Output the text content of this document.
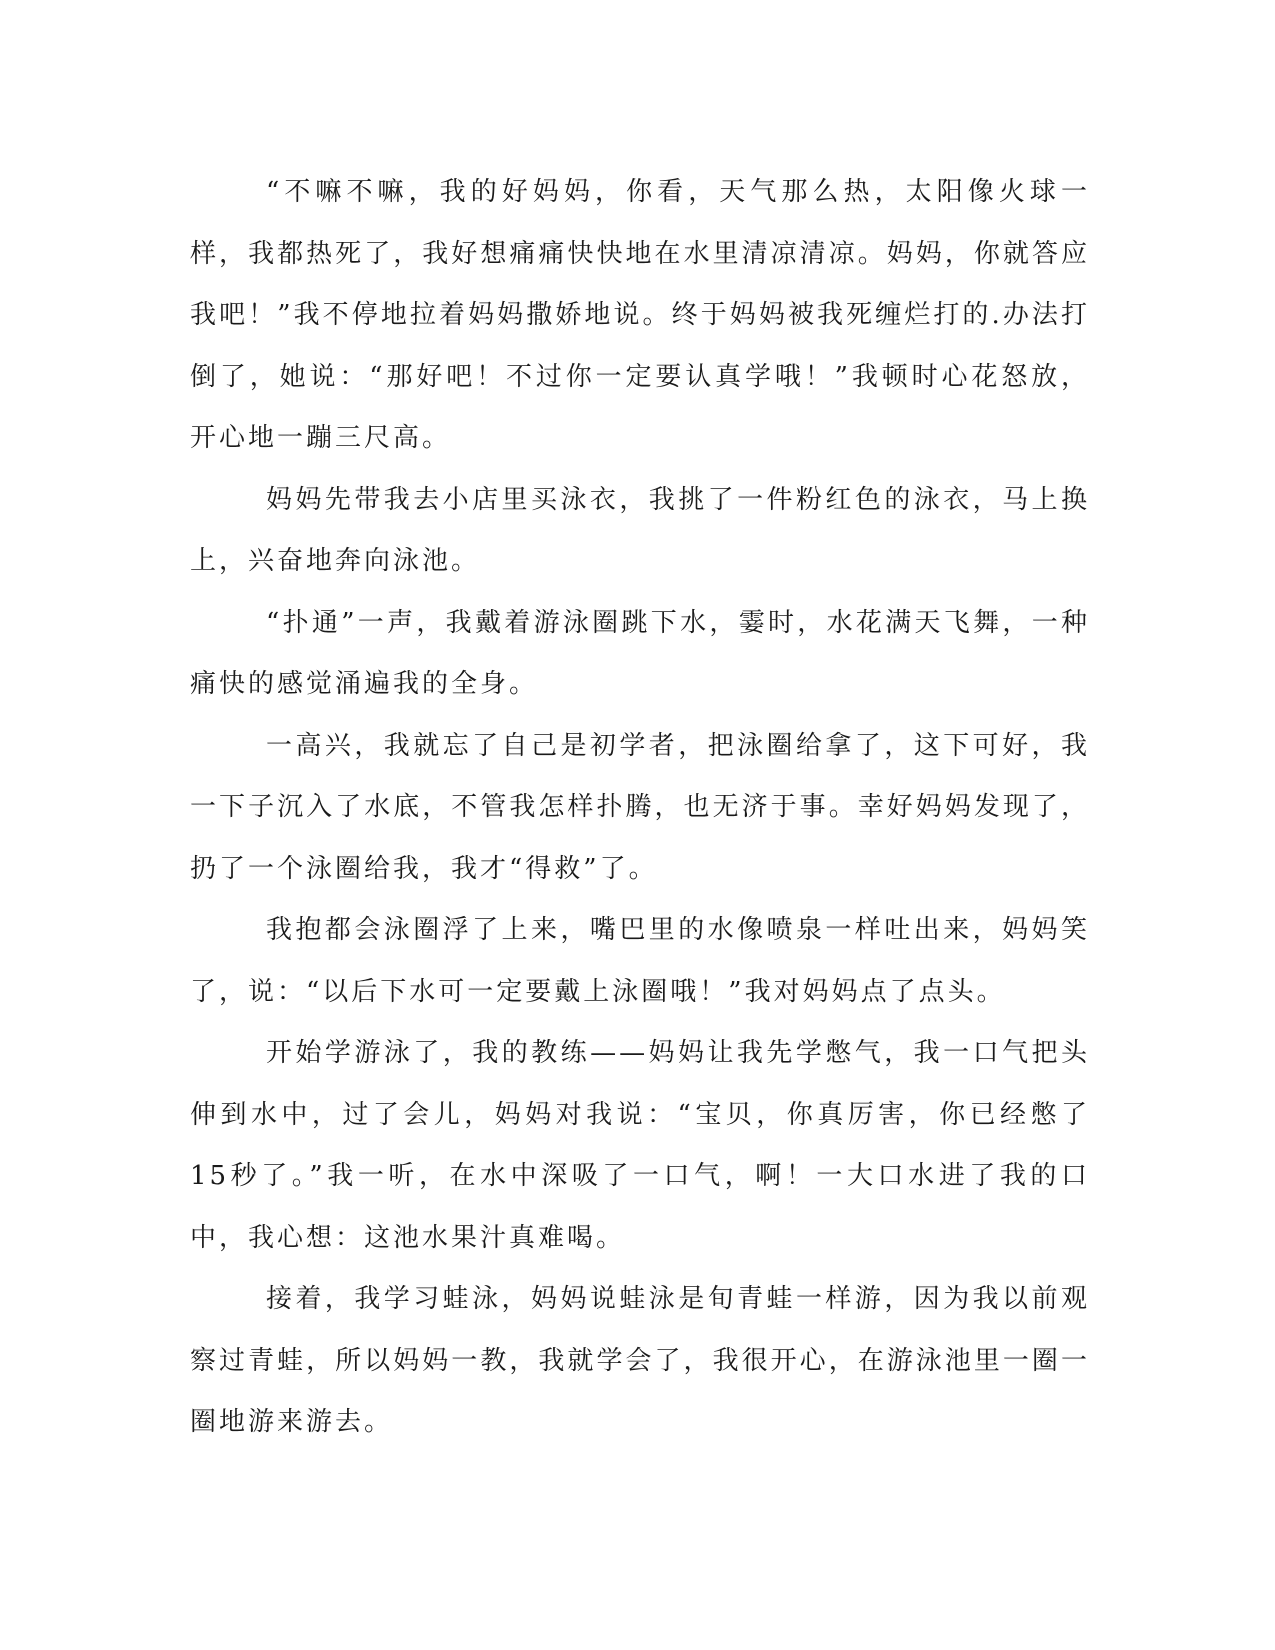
“不嘛不嘛，我的好妈妈，你看，天气那么热，太阳像火球一样，我都热死了，我好想痛痛快快地在水里清凉清凉。妈妈，你就答应我吧！”我不停地拉着妈妈撒娇地说。终于妈妈被我死缠烂打的.办法打倒了，她说：“那好吧！不过你一定要认真学哦！”我顿时心花怒放，开心地一蹦三尺高。

妈妈先带我去小店里买泳衣，我挑了一件粉红色的泳衣，马上换上，兴奋地奔向泳池。

“扑通”一声，我戴着游泳圈跳下水，霎时，水花满天飞舞，一种痛快的感觉涌遍我的全身。

一高兴，我就忘了自己是初学者，把泳圈给拿了，这下可好，我一下子沉入了水底，不管我怎样扑腾，也无济于事。幸好妈妈发现了，扔了一个泳圈给我，我才“得救”了。

我抱都会泳圈浮了上来，嘴巴里的水像喷泉一样吐出来，妈妈笑了，说：“以后下水可一定要戴上泳圈哦！”我对妈妈点了点头。

开始学游泳了，我的教练——妈妈让我先学憋气，我一口气把头伸到水中，过了会儿，妈妈对我说：“宝贝，你真厉害，你已经憋了 15秒了。”我一听，在水中深吸了一口气，啊！一大口水进了我的口中，我心想：这池水果汁真难喝。

接着，我学习蛙泳，妈妈说蛙泳是旬青蛙一样游，因为我以前观察过青蛙，所以妈妈一教，我就学会了，我很开心，在游泳池里一圈一圈地游来游去。
